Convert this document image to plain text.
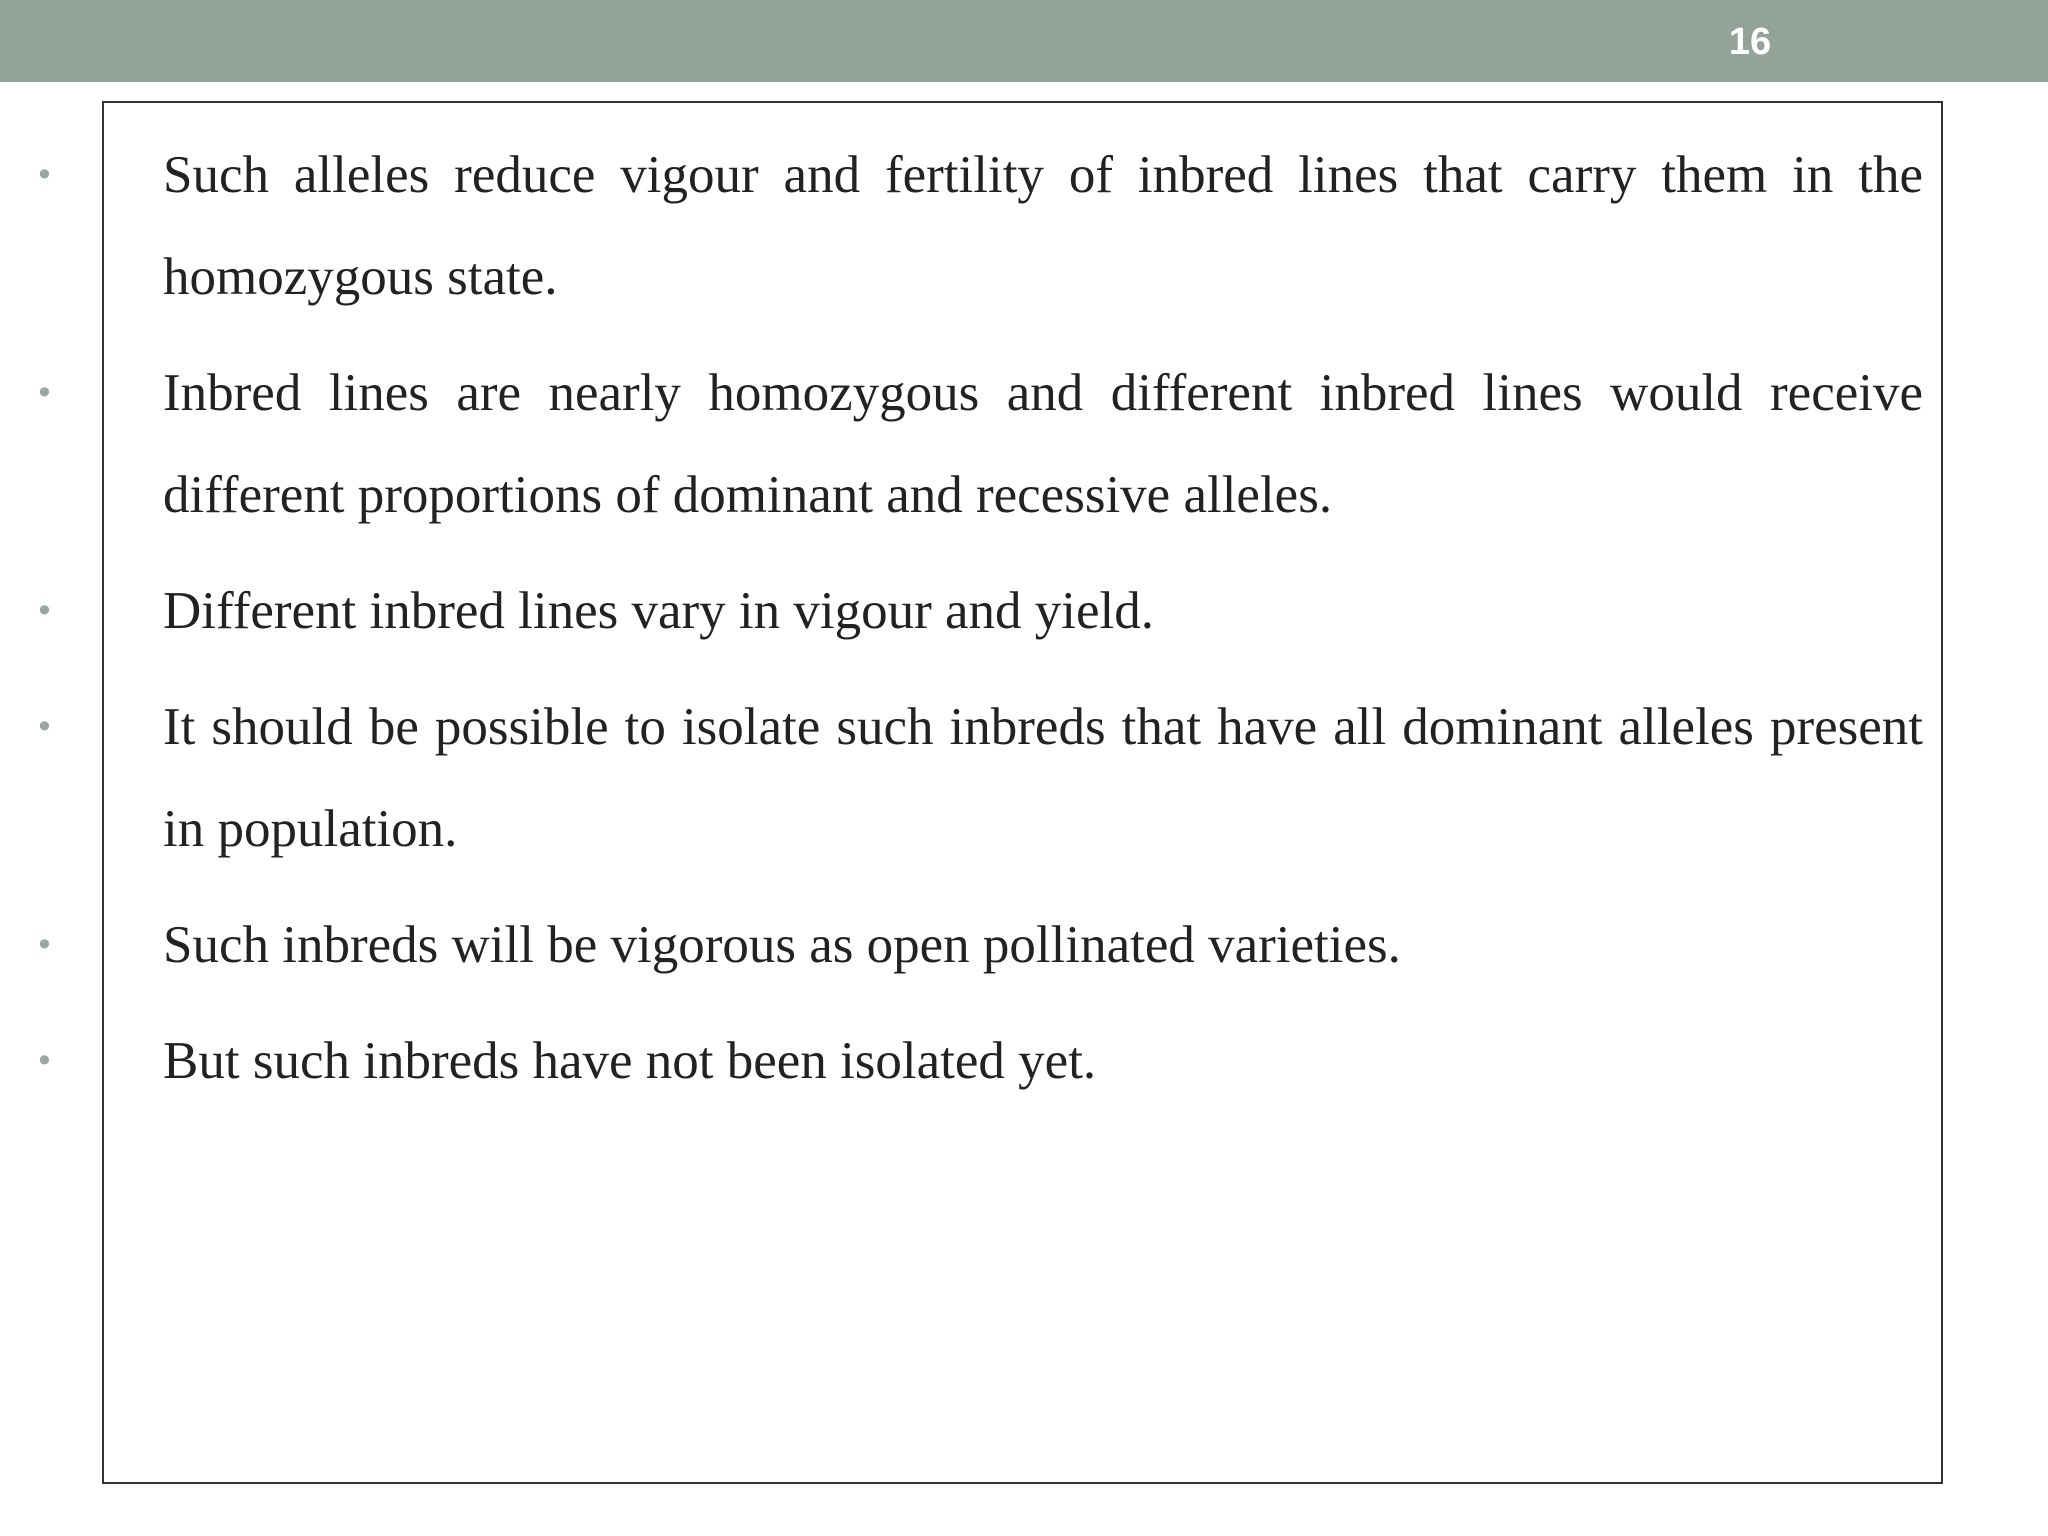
16
• Such alleles reduce vigour and fertility of inbred lines that carry them in the homozygous state.
• Inbred lines are nearly homozygous and different inbred lines would receive different proportions of dominant and recessive alleles.
• Different inbred lines vary in vigour and yield.
• It should be possible to isolate such inbreds that have all dominant alleles present in population.
• Such inbreds will be vigorous as open pollinated varieties.
• But such inbreds have not been isolated yet.
